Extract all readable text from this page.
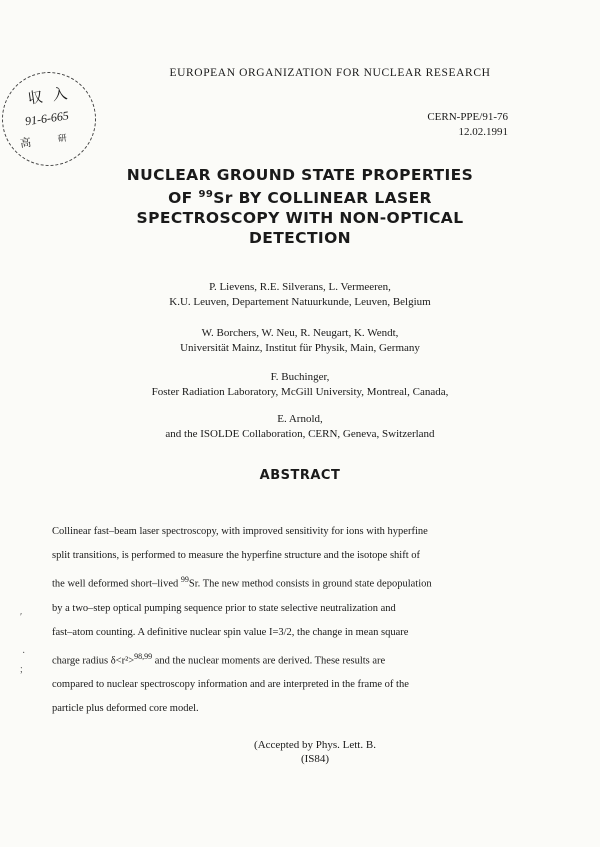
収 入
91-6-665
高	研
EUROPEAN ORGANIZATION FOR NUCLEAR RESEARCH
CERN-PPE/91-76
12.02.1991
NUCLEAR GROUND STATE PROPERTIES
OF $^{99}$Sr BY COLLINEAR LASER
SPECTROSCOPY WITH NON-OPTICAL
DETECTION
P. Lievens, R.E. Silverans, L. Vermeeren,
K.U. Leuven, Departement Natuurkunde, Leuven, Belgium
W. Borchers, W. Neu, R. Neugart, K. Wendt,
Universität Mainz, Institut für Physik, Main, Germany
F. Buchinger,
Foster Radiation Laboratory, McGill University, Montreal, Canada,
E. Arnold,
and the ISOLDE Collaboration, CERN, Geneva, Switzerland
ABSTRACT
Collinear fast–beam laser spectroscopy, with improved sensitivity for ions with hyperfine
split transitions, is performed to measure the hyperfine structure and the isotope shift of
the well deformed short–lived $^{99}$Sr. The new method consists in ground state depopulation
by a two–step optical pumping sequence prior to state selective neutralization and
fast–atom counting. A definitive nuclear spin value I=3/2, the change in mean square
charge radius δ<r²>$^{98,99}$ and the nuclear moments are derived. These results are
compared to nuclear spectroscopy information and are interpreted in the frame of the
particle plus deformed core model.
(Accepted by Phys. Lett. B.
(IS84)
′
·
;
